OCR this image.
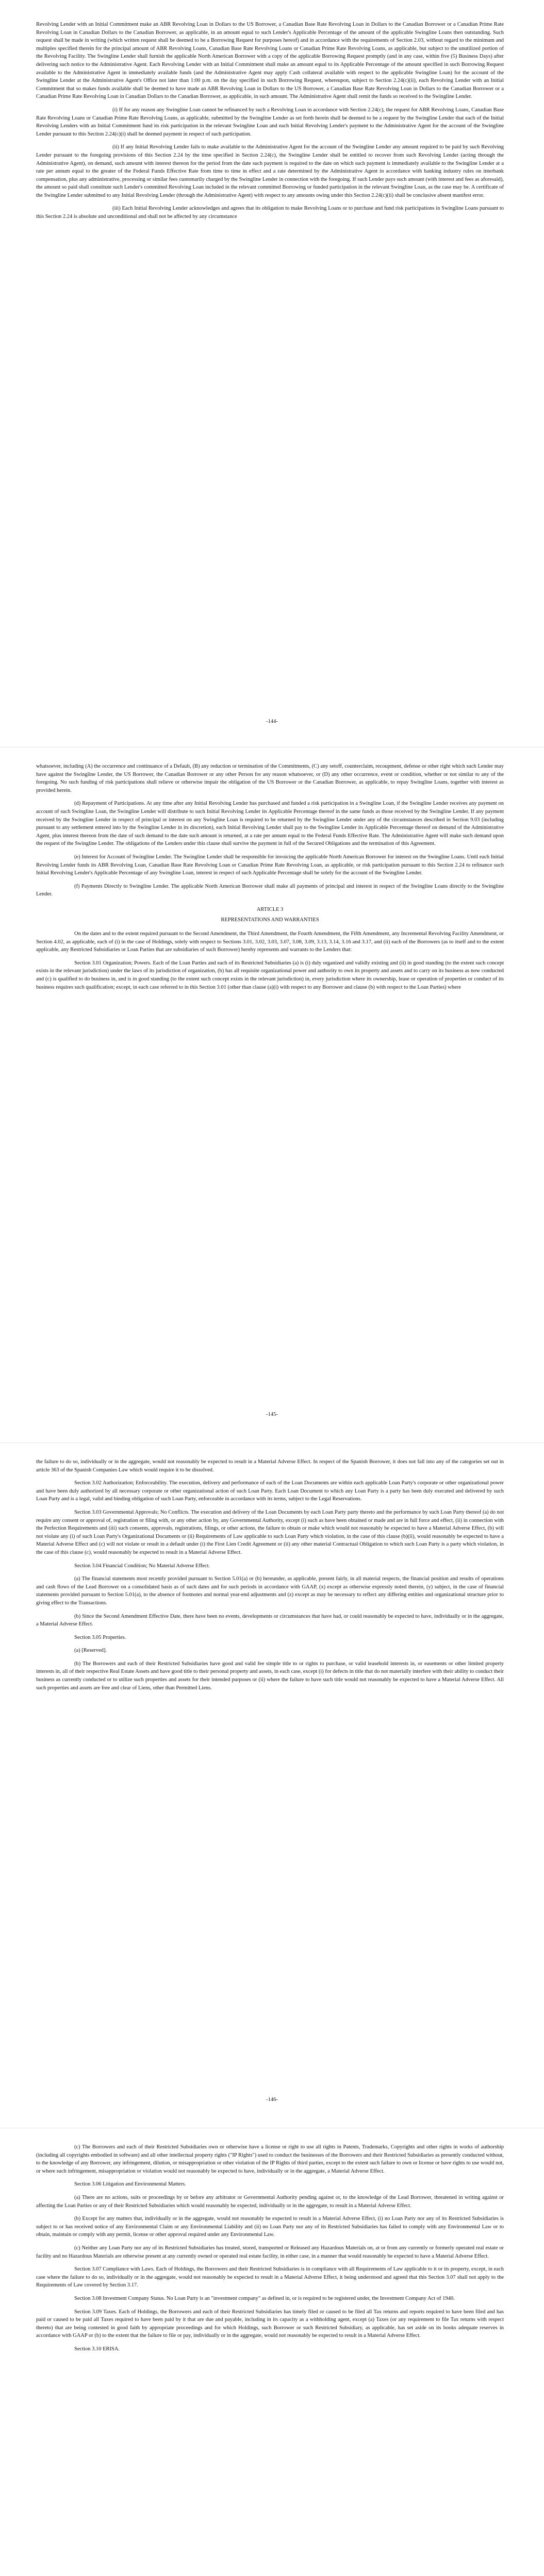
Revolving Lender with an Initial Commitment make an ABR Revolving Loan in Dollars to the US Borrower, a Canadian Base Rate Revolving Loan in Dollars to the Canadian Borrower or a Canadian Prime Rate Revolving Loan in Canadian Dollars to the Canadian Borrower, as applicable, in an amount equal to such Lender's Applicable Percentage of the amount of the applicable Swingline Loans then outstanding. Such request shall be made in writing (which written request shall be deemed to be a Borrowing Request for purposes hereof) and in accordance with the requirements of Section 2.03, without regard to the minimum and multiples specified therein for the principal amount of ABR Revolving Loans, Canadian Base Rate Revolving Loans or Canadian Prime Rate Revolving Loans, as applicable, but subject to the unutilized portion of the Revolving Facility. The Swingline Lender shall furnish the applicable North American Borrower with a copy of the applicable Borrowing Request promptly (and in any case, within five (5) Business Days) after delivering such notice to the Administrative Agent. Each Revolving Lender with an Initial Commitment shall make an amount equal to its Applicable Percentage of the amount specified in such Borrowing Request available to the Administrative Agent in immediately available funds (and the Administrative Agent may apply Cash collateral available with respect to the applicable Swingline Loan) for the account of the Swingline Lender at the Administrative Agent's Office not later than 1:00 p.m. on the day specified in such Borrowing Request, whereupon, subject to Section 2.24(c)(ii), each Revolving Lender with an Initial Commitment that so makes funds available shall be deemed to have made an ABR Revolving Loan in Dollars to the US Borrower, a Canadian Base Rate Revolving Loan in Dollars to the Canadian Borrower or a Canadian Prime Rate Revolving Loan in Canadian Dollars to the Canadian Borrower, as applicable, in such amount. The Administrative Agent shall remit the funds so received to the Swingline Lender.

(i) If for any reason any Swingline Loan cannot be refinanced by such a Revolving Loan in accordance with Section 2.24(c), the request for ABR Revolving Loans, Canadian Base Rate Revolving Loans or Canadian Prime Rate Revolving Loans, as applicable, submitted by the Swingline Lender as set forth herein shall be deemed to be a request by the Swingline Lender that each of the Initial Revolving Lenders with an Initial Commitment fund its risk participation in the relevant Swingline Loan and each Initial Revolving Lender's payment to the Administrative Agent for the account of the Swingline Lender pursuant to this Section 2.24(c)(i) shall be deemed payment in respect of such participation.

(ii) If any Initial Revolving Lender fails to make available to the Administrative Agent for the account of the Swingline Lender any amount required to be paid by such Revolving Lender pursuant to the foregoing provisions of this Section 2.24 by the time specified in Section 2.24(c), the Swingline Lender shall be entitled to recover from such Revolving Lender (acting through the Administrative Agent), on demand, such amount with interest thereon for the period from the date such payment is required to the date on which such payment is immediately available to the Swingline Lender at a rate per annum equal to the greater of the Federal Funds Effective Rate from time to time in effect and a rate determined by the Administrative Agent in accordance with banking industry rules on interbank compensation, plus any administrative, processing or similar fees customarily charged by the Swingline Lender in connection with the foregoing. If such Lender pays such amount (with interest and fees as aforesaid), the amount so paid shall constitute such Lender's committed Revolving Loan included in the relevant committed Borrowing or funded participation in the relevant Swingline Loan, as the case may be. A certificate of the Swingline Lender submitted to any Initial Revolving Lender (through the Administrative Agent) with respect to any amounts owing under this Section 2.24(c)(ii) shall be conclusive absent manifest error.

(iii) Each Initial Revolving Lender acknowledges and agrees that its obligation to make Revolving Loans or to purchase and fund risk participations in Swingline Loans pursuant to this Section 2.24 is absolute and unconditional and shall not be affected by any circumstance

-144-

whatsoever, including (A) the occurrence and continuance of a Default, (B) any reduction or termination of the Commitments, (C) any setoff, counterclaim, recoupment, defense or other right which such Lender may have against the Swingline Lender, the US Borrower, the Canadian Borrower or any other Person for any reason whatsoever, or (D) any other occurrence, event or condition, whether or not similar to any of the foregoing. No such funding of risk participations shall relieve or otherwise impair the obligation of the US Borrower or the Canadian Borrower, as applicable, to repay Swingline Loans, together with interest as provided herein.

(d) Repayment of Participations. At any time after any Initial Revolving Lender has purchased and funded a risk participation in a Swingline Loan, if the Swingline Lender receives any payment on account of such Swingline Loan, the Swingline Lender will distribute to such Initial Revolving Lender its Applicable Percentage thereof in the same funds as those received by the Swingline Lender. If any payment received by the Swingline Lender in respect of principal or interest on any Swingline Loan is required to be returned by the Swingline Lender under any of the circumstances described in Section 9.03 (including pursuant to any settlement entered into by the Swingline Lender in its discretion), each Initial Revolving Lender shall pay to the Swingline Lender its Applicable Percentage thereof on demand of the Administrative Agent, plus interest thereon from the date of such demand to the date such amount is returned, at a rate per annum equal to the Federal Funds Effective Rate. The Administrative Agent will make such demand upon the request of the Swingline Lender. The obligations of the Lenders under this clause shall survive the payment in full of the Secured Obligations and the termination of this Agreement.

(e) Interest for Account of Swingline Lender. The Swingline Lender shall be responsible for invoicing the applicable North American Borrower for interest on the Swingline Loans. Until each Initial Revolving Lender funds its ABR Revolving Loan, Canadian Base Rate Revolving Loan or Canadian Prime Rate Revolving Loan, as applicable, or risk participation pursuant to this Section 2.24 to refinance such Initial Revolving Lender's Applicable Percentage of any Swingline Loan, interest in respect of such Applicable Percentage shall be solely for the account of the Swingline Lender.

(f) Payments Directly to Swingline Lender. The applicable North American Borrower shall make all payments of principal and interest in respect of the Swingline Loans directly to the Swingline Lender.

ARTICLE 3

REPRESENTATIONS AND WARRANTIES

On the dates and to the extent required pursuant to the Second Amendment, the Third Amendment, the Fourth Amendment, the Fifth Amendment, any Incremental Revolving Facility Amendment, or Section 4.02, as applicable, each of (i) in the case of Holdings, solely with respect to Sections 3.01, 3.02, 3.03, 3.07, 3.08, 3.09, 3.13, 3.14, 3.16 and 3.17, and (ii) each of the Borrowers (as to itself and to the extent applicable, any Restricted Subsidiaries or Loan Parties that are subsidiaries of such Borrower) hereby represents and warrants to the Lenders that:

Section 3.01 Organization; Powers. Each of the Loan Parties and each of its Restricted Subsidiaries (a) is (i) duly organized and validly existing and (ii) in good standing (to the extent such concept exists in the relevant jurisdiction) under the laws of its jurisdiction of organization, (b) has all requisite organizational power and authority to own its property and assets and to carry on its business as now conducted and (c) is qualified to do business in, and is in good standing (to the extent such concept exists in the relevant jurisdiction) in, every jurisdiction where its ownership, lease or operation of properties or conduct of its business requires such qualification; except, in each case referred to in this Section 3.01 (other than clause (a)(i) with respect to any Borrower and clause (b) with respect to the Loan Parties) where

-145-

the failure to do so, individually or in the aggregate, would not reasonably be expected to result in a Material Adverse Effect. In respect of the Spanish Borrower, it does not fall into any of the categories set out in article 363 of the Spanish Companies Law which would require it to be dissolved.

Section 3.02 Authorization; Enforceability. The execution, delivery and performance of each of the Loan Documents are within each applicable Loan Party's corporate or other organizational power and have been duly authorized by all necessary corporate or other organizational action of such Loan Party. Each Loan Document to which any Loan Party is a party has been duly executed and delivered by such Loan Party and is a legal, valid and binding obligation of such Loan Party, enforceable in accordance with its terms, subject to the Legal Reservations.

Section 3.03 Governmental Approvals; No Conflicts. The execution and delivery of the Loan Documents by each Loan Party party thereto and the performance by such Loan Party thereof (a) do not require any consent or approval of, registration or filing with, or any other action by, any Governmental Authority, except (i) such as have been obtained or made and are in full force and effect, (ii) in connection with the Perfection Requirements and (iii) such consents, approvals, registrations, filings, or other actions, the failure to obtain or make which would not reasonably be expected to have a Material Adverse Effect, (b) will not violate any (i) of such Loan Party's Organizational Documents or (ii) Requirements of Law applicable to such Loan Party which violation, in the case of this clause (b)(ii), would reasonably be expected to have a Material Adverse Effect and (c) will not violate or result in a default under (i) the First Lien Credit Agreement or (ii) any other material Contractual Obligation to which such Loan Party is a party which violation, in the case of this clause (c), would reasonably be expected to result in a Material Adverse Effect.

Section 3.04 Financial Condition; No Material Adverse Effect.

(a) The financial statements most recently provided pursuant to Section 5.01(a) or (b) hereunder, as applicable, present fairly, in all material respects, the financial position and results of operations and cash flows of the Lead Borrower on a consolidated basis as of such dates and for such periods in accordance with GAAP, (x) except as otherwise expressly noted therein, (y) subject, in the case of financial statements provided pursuant to Section 5.01(a), to the absence of footnotes and normal year-end adjustments and (z) except as may be necessary to reflect any differing entities and organizational structure prior to giving effect to the Transactions.

(b) Since the Second Amendment Effective Date, there have been no events, developments or circumstances that have had, or could reasonably be expected to have, individually or in the aggregate, a Material Adverse Effect.

Section 3.05 Properties.

(a) [Reserved].

(b) The Borrowers and each of their Restricted Subsidiaries have good and valid fee simple title to or rights to purchase, or valid leasehold interests in, or easements or other limited property interests in, all of their respective Real Estate Assets and have good title to their personal property and assets, in each case, except (i) for defects in title that do not materially interfere with their ability to conduct their business as currently conducted or to utilize such properties and assets for their intended purposes or (ii) where the failure to have such title would not reasonably be expected to have a Material Adverse Effect. All such properties and assets are free and clear of Liens, other than Permitted Liens.

-146-

(c) The Borrowers and each of their Restricted Subsidiaries own or otherwise have a license or right to use all rights in Patents, Trademarks, Copyrights and other rights in works of authorship (including all copyrights embodied in software) and all other intellectual property rights ("IP Rights") used to conduct the businesses of the Borrowers and their Restricted Subsidiaries as presently conducted without, to the knowledge of any Borrower, any infringement, dilution, or misappropriation or other violation of the IP Rights of third parties, except to the extent such failure to own or license or have rights to use would not, or where such infringement, misappropriation or violation would not reasonably be expected to have, individually or in the aggregate, a Material Adverse Effect.

Section 3.06 Litigation and Environmental Matters.

(a) There are no actions, suits or proceedings by or before any arbitrator or Governmental Authority pending against or, to the knowledge of the Lead Borrower, threatened in writing against or affecting the Loan Parties or any of their Restricted Subsidiaries which would reasonably be expected, individually or in the aggregate, to result in a Material Adverse Effect.

(b) Except for any matters that, individually or in the aggregate, would not reasonably be expected to result in a Material Adverse Effect, (i) no Loan Party nor any of its Restricted Subsidiaries is subject to or has received notice of any Environmental Claim or any Environmental Liability and (ii) no Loan Party nor any of its Restricted Subsidiaries has failed to comply with any Environmental Law or to obtain, maintain or comply with any permit, license or other approval required under any Environmental Law.

(c) Neither any Loan Party nor any of its Restricted Subsidiaries has treated, stored, transported or Released any Hazardous Materials on, at or from any currently or formerly operated real estate or facility and no Hazardous Materials are otherwise present at any currently owned or operated real estate facility, in either case, in a manner that would reasonably be expected to have a Material Adverse Effect.

Section 3.07 Compliance with Laws. Each of Holdings, the Borrowers and their Restricted Subsidiaries is in compliance with all Requirements of Law applicable to it or its property, except, in each case where the failure to do so, individually or in the aggregate, would not reasonably be expected to result in a Material Adverse Effect, it being understood and agreed that this Section 3.07 shall not apply to the Requirements of Law covered by Section 3.17.

Section 3.08 Investment Company Status. No Loan Party is an "investment company" as defined in, or is required to be registered under, the Investment Company Act of 1940.

Section 3.09 Taxes. Each of Holdings, the Borrowers and each of their Restricted Subsidiaries has timely filed or caused to be filed all Tax returns and reports required to have been filed and has paid or caused to be paid all Taxes required to have been paid by it that are due and payable, including in its capacity as a withholding agent, except (a) Taxes (or any requirement to file Tax returns with respect thereto) that are being contested in good faith by appropriate proceedings and for which Holdings, such Borrower or such Restricted Subsidiary, as applicable, has set aside on its books adequate reserves in accordance with GAAP or (b) to the extent that the failure to file or pay, individually or in the aggregate, would not reasonably be expected to result in a Material Adverse Effect.

Section 3.10 ERISA.
